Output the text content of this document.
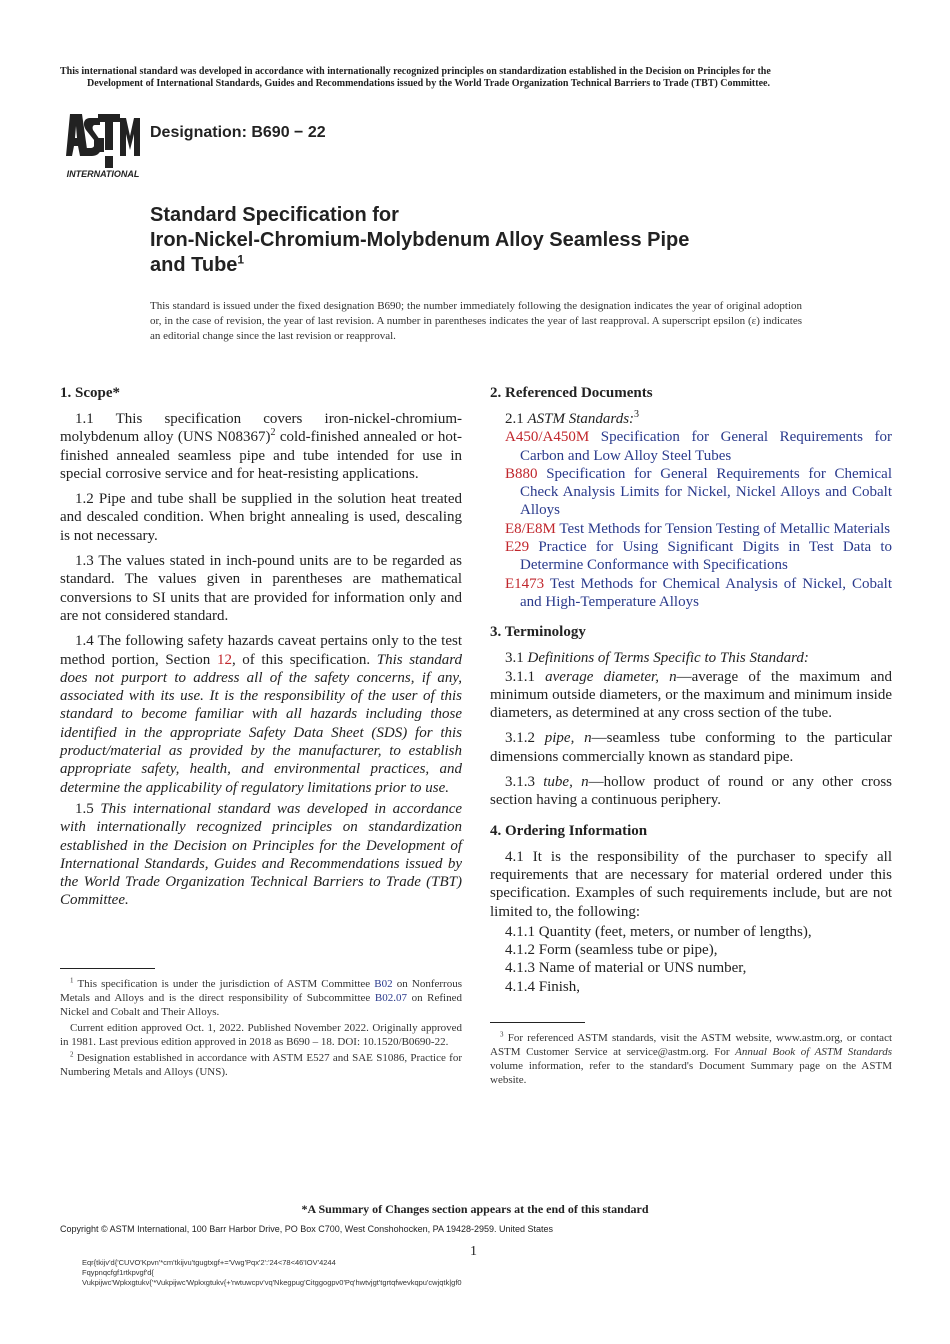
This international standard was developed in accordance with internationally recognized principles on standardization established in the Decision on Principles for the
Development of International Standards, Guides and Recommendations issued by the World Trade Organization Technical Barriers to Trade (TBT) Committee.
INTERNATIONAL
Designation: B690 − 22
Standard Specification for
Iron-Nickel-Chromium-Molybdenum Alloy Seamless Pipe
and Tube$^1$
This standard is issued under the fixed designation B690; the number immediately following the designation indicates the year of original adoption or, in the case of revision, the year of last revision. A number in parentheses indicates the year of last reapproval. A superscript epsilon (ε) indicates an editorial change since the last revision or reapproval.
1. Scope*

1.1 This specification covers iron-nickel-chromium-molybdenum alloy (UNS N08367)$^2$ cold-finished annealed or hot-finished annealed seamless pipe and tube intended for use in special corrosive service and for heat-resisting applications.

1.2 Pipe and tube shall be supplied in the solution heat treated and descaled condition. When bright annealing is used, descaling is not necessary.

1.3 The values stated in inch-pound units are to be regarded as standard. The values given in parentheses are mathematical conversions to SI units that are provided for information only and are not considered standard.

1.4 The following safety hazards caveat pertains only to the test method portion, Section 12, of this specification. This standard does not purport to address all of the safety concerns, if any, associated with its use. It is the responsibility of the user of this standard to become familiar with all hazards including those identified in the appropriate Safety Data Sheet (SDS) for this product/material as provided by the manufacturer, to establish appropriate safety, health, and environmental practices, and determine the applicability of regulatory limitations prior to use.

1.5 This international standard was developed in accordance with internationally recognized principles on standardization established in the Decision on Principles for the Development of International Standards, Guides and Recommendations issued by the World Trade Organization Technical Barriers to Trade (TBT) Committee.

$^1$ This specification is under the jurisdiction of ASTM Committee B02 on Nonferrous Metals and Alloys and is the direct responsibility of Subcommittee B02.07 on Refined Nickel and Cobalt and Their Alloys.
Current edition approved Oct. 1, 2022. Published November 2022. Originally approved in 1981. Last previous edition approved in 2018 as B690 – 18. DOI: 10.1520/B0690-22.
$^2$ Designation established in accordance with ASTM E527 and SAE S1086, Practice for Numbering Metals and Alloys (UNS).
2. Referenced Documents
2.1 ASTM Standards:$^3$
A450/A450M Specification for General Requirements for Carbon and Low Alloy Steel Tubes
B880 Specification for General Requirements for Chemical Check Analysis Limits for Nickel, Nickel Alloys and Cobalt Alloys
E8/E8M Test Methods for Tension Testing of Metallic Materials
E29 Practice for Using Significant Digits in Test Data to Determine Conformance with Specifications
E1473 Test Methods for Chemical Analysis of Nickel, Cobalt and High-Temperature Alloys
3. Terminology
3.1 Definitions of Terms Specific to This Standard:

3.1.1 average diameter, n—average of the maximum and minimum outside diameters, or the maximum and minimum inside diameters, as determined at any cross section of the tube.

3.1.2 pipe, n—seamless tube conforming to the particular dimensions commercially known as standard pipe.

3.1.3 tube, n—hollow product of round or any other cross section having a continuous periphery.

4. Ordering Information

4.1 It is the responsibility of the purchaser to specify all requirements that are necessary for material ordered under this specification. Examples of such requirements include, but are not limited to, the following:

4.1.1 Quantity (feet, meters, or number of lengths),
4.1.2 Form (seamless tube or pipe),
4.1.3 Name of material or UNS number,
4.1.4 Finish,
$^3$ For referenced ASTM standards, visit the ASTM website, www.astm.org, or contact ASTM Customer Service at service@astm.org. For Annual Book of ASTM Standards volume information, refer to the standard's Document Summary page on the ASTM website.
*A Summary of Changes section appears at the end of this standard
Copyright © ASTM International, 100 Barr Harbor Drive, PO Box C700, West Conshohocken, PA 19428-2959. United States
1
Eqr{tkijv'd{'CUVO'Kpvn'*cm'tkijvu'tgugtxgf+='Vwg'Pqx'2':'24<78<46'IOV'4244
Fqypnqcfgf1rtkpvgf'd{
Vukpijwc'Wpkxgtukv{'*Vukpijwc'Wpkxgtukv{+'rwtuwcpv'vq'Nkegpug'Citggogpv0'Pq'hwtvjgt'tgrtqfwevkqpu'cwjqtk|gf0
